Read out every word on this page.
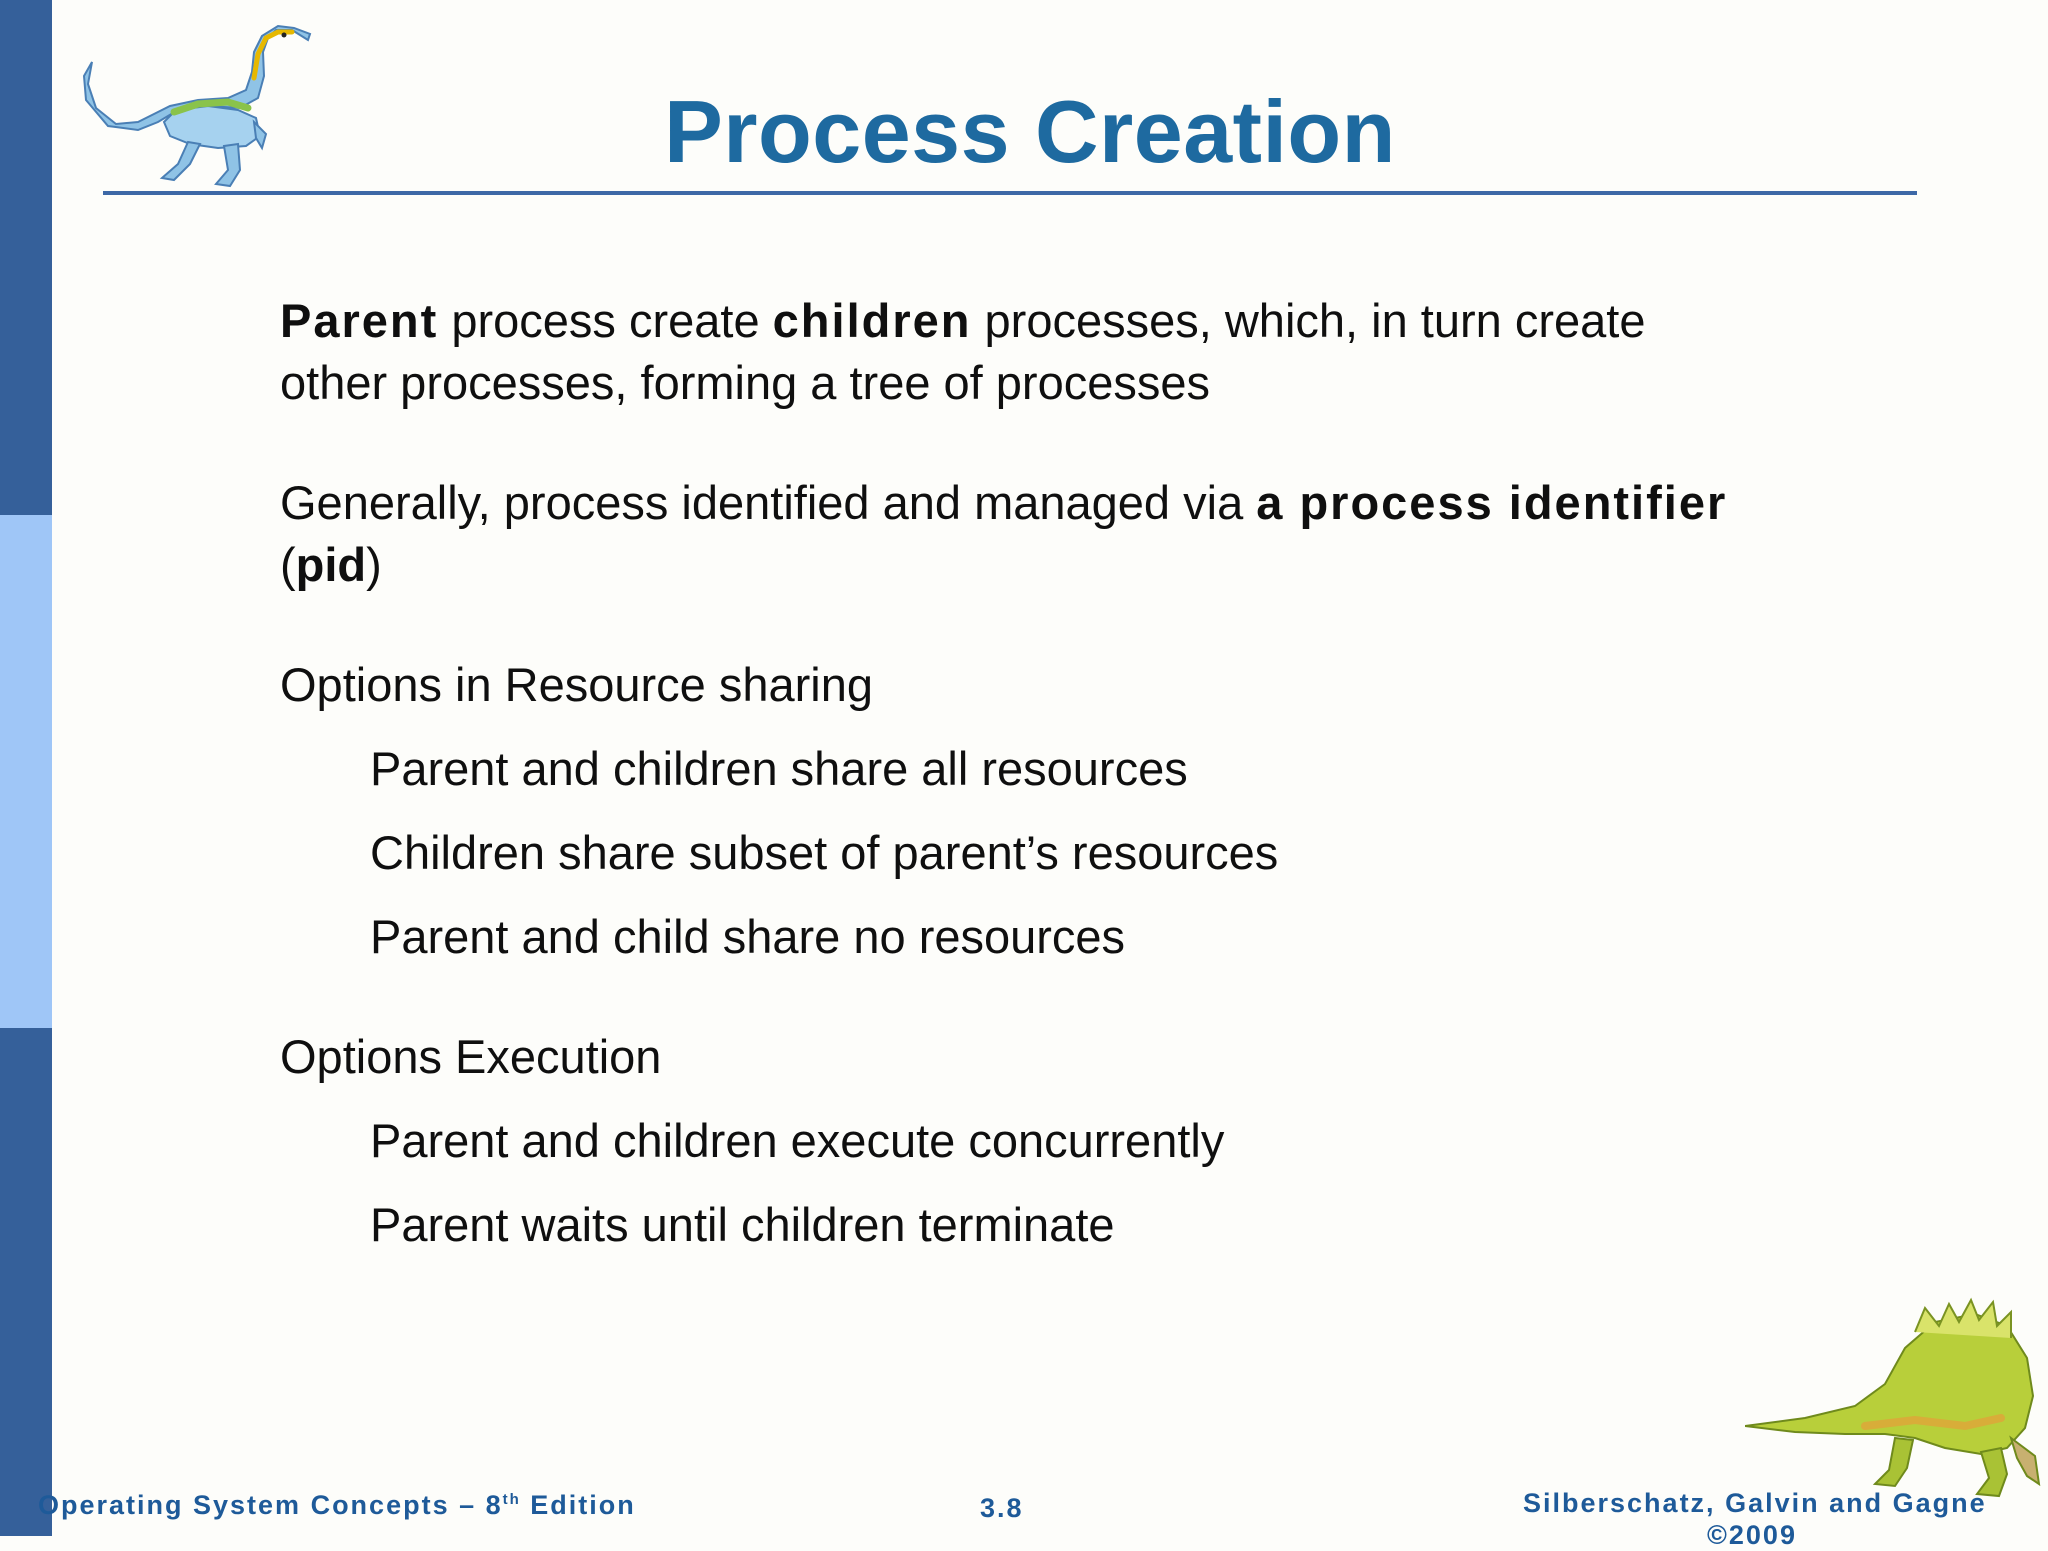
Process Creation
Parent process create children processes, which, in turn create
other processes, forming a tree of processes
Generally, process identified and managed via a process identifier
(pid)
Options in Resource sharing
Parent and children share all resources
Children share subset of parent’s resources
Parent and child share no resources
Options Execution
Parent and children execute concurrently
Parent waits until children terminate
Operating System Concepts – 8th Edition	3.8	Silberschatz, Galvin and Gagne
©2009
